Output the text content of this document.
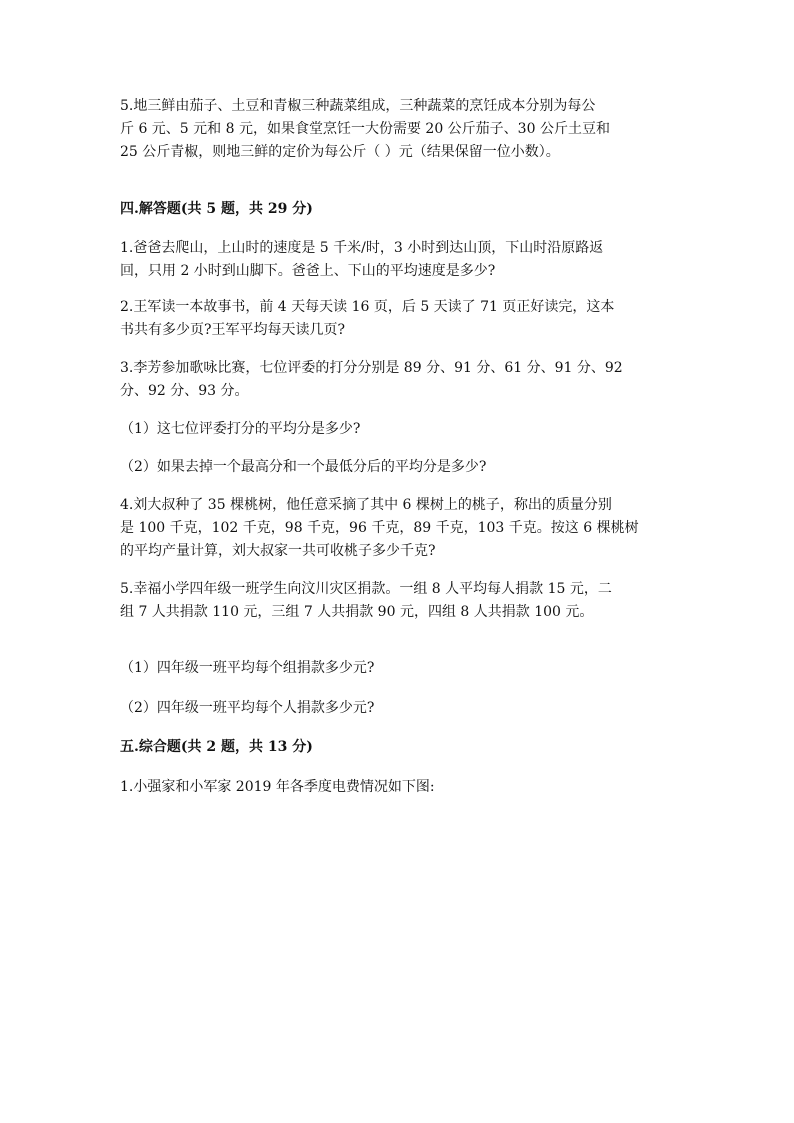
5.地三鲜由茄子、土豆和青椒三种蔬菜组成，三种蔬菜的烹饪成本分别为每公
斤 6 元、5 元和 8 元，如果食堂烹饪一大份需要 20 公斤茄子、30 公斤土豆和
25 公斤青椒，则地三鲜的定价为每公斤（ ）元（结果保留一位小数）。
四.解答题(共 5 题，共 29 分)
1.爸爸去爬山，上山时的速度是 5 千米/时，3 小时到达山顶，下山时沿原路返
回，只用 2 小时到山脚下。爸爸上、下山的平均速度是多少?
2.王军读一本故事书，前 4 天每天读 16 页，后 5 天读了 71 页正好读完，这本
书共有多少页?王军平均每天读几页?
3.李芳参加歌咏比赛，七位评委的打分分别是 89 分、91 分、61 分、91 分、92
分、92 分、93 分。
（1）这七位评委打分的平均分是多少?
（2）如果去掉一个最高分和一个最低分后的平均分是多少?
4.刘大叔种了 35 棵桃树，他任意采摘了其中 6 棵树上的桃子，称出的质量分别
是 100 千克，102 千克，98 千克，96 千克，89 千克，103 千克。按这 6 棵桃树
的平均产量计算，刘大叔家一共可收桃子多少千克?
5.幸福小学四年级一班学生向汶川灾区捐款。一组 8 人平均每人捐款 15 元，二
组 7 人共捐款 110 元，三组 7 人共捐款 90 元，四组 8 人共捐款 100 元。
（1）四年级一班平均每个组捐款多少元?
（2）四年级一班平均每个人捐款多少元?
五.综合题(共 2 题，共 13 分)
1.小强家和小军家 2019 年各季度电费情况如下图:
